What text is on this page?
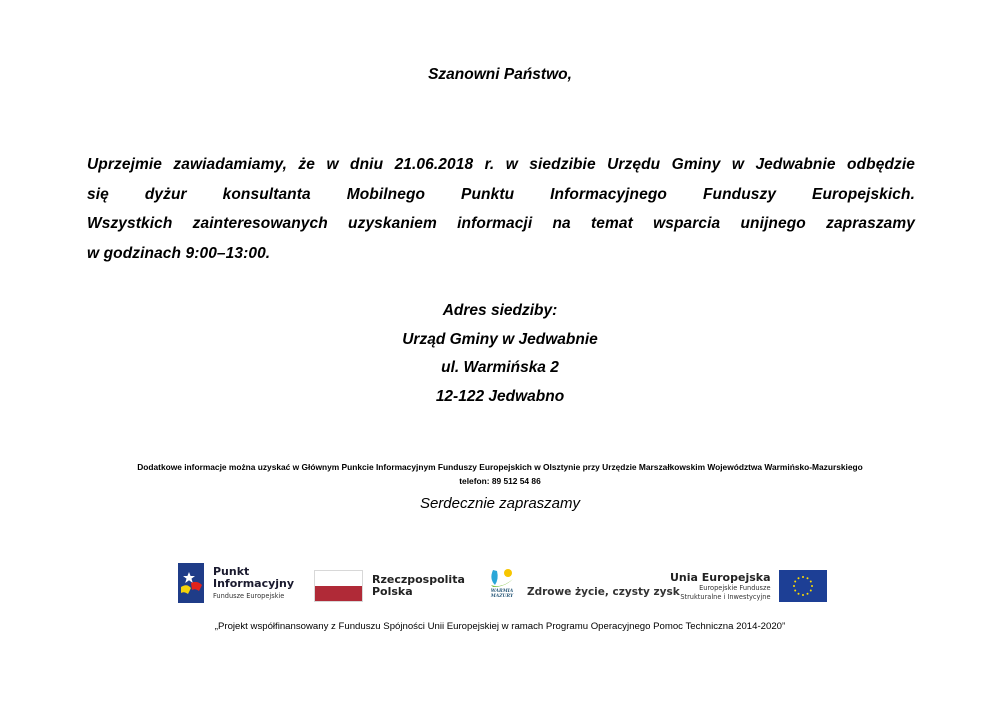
Szanowni Państwo,
Uprzejmie zawiadamiamy, że w dniu 21.06.2018 r. w siedzibie Urzędu Gminy w Jedwabnie odbędzie
się dyżur konsultanta Mobilnego Punktu Informacyjnego Funduszy Europejskich.
Wszystkich zainteresowanych uzyskaniem informacji na temat wsparcia unijnego zapraszamy
w godzinach 9:00–13:00.
Adres siedziby:
Urząd Gminy w Jedwabnie
ul. Warmińska 2
12-122 Jedwabno
Dodatkowe informacje można uzyskać w Głównym Punkcie Informacyjnym Funduszy Europejskich w Olsztynie przy Urzędzie Marszałkowskim Województwa Warmińsko-Mazurskiego
telefon: 89 512 54 86
Serdecznie zapraszamy
Punkt
Informacyjny
Fundusze Europejskie
Rzeczpospolita
Polska	WARMIA
MAZURY Zdrowe życie, czysty zysk
Unia Europejska
Europejskie Fundusze
Strukturalne i Inwestycyjne
„Projekt współfinansowany z Funduszu Spójności Unii Europejskiej w ramach Programu Operacyjnego Pomoc Techniczna 2014-2020”
